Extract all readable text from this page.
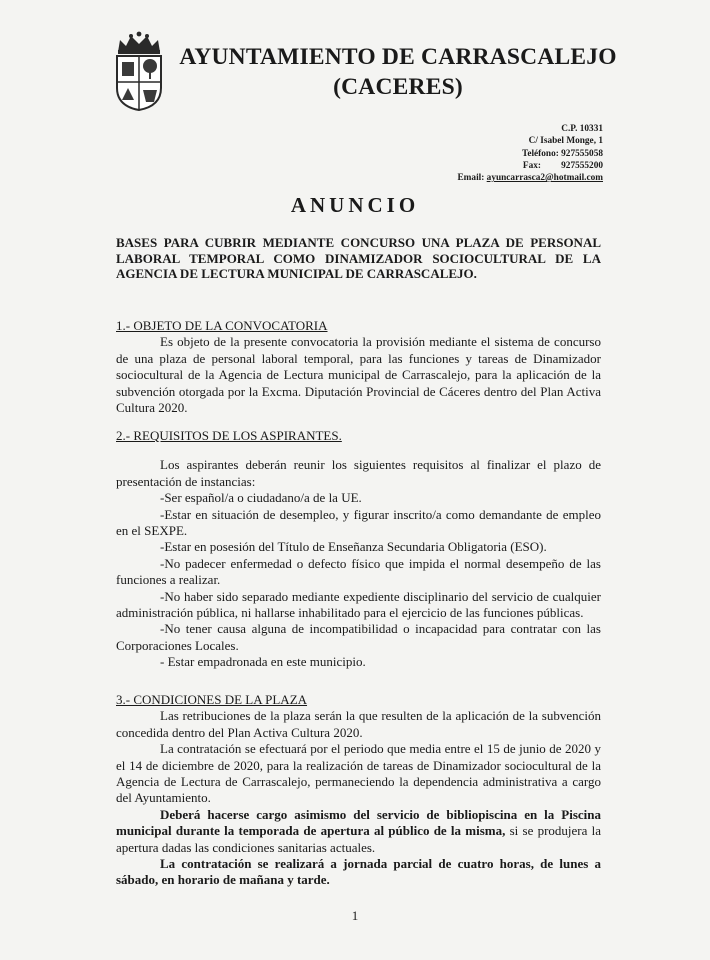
AYUNTAMIENTO DE CARRASCALEJO
(CACERES)
C.P. 10331
C/ Isabel Monge, 1
Teléfono: 927555058
Fax: 927555200
Email: ayuncarrasca2@hotmail.com
ANUNCIO
BASES PARA CUBRIR MEDIANTE CONCURSO UNA PLAZA DE PERSONAL LABORAL TEMPORAL COMO DINAMIZADOR SOCIOCULTURAL DE LA AGENCIA DE LECTURA MUNICIPAL DE CARRASCALEJO.
1.- OBJETO DE LA CONVOCATORIA
Es objeto de la presente convocatoria la provisión mediante el sistema de concurso de una plaza de personal laboral temporal, para las funciones y tareas de Dinamizador sociocultural de la Agencia de Lectura municipal de Carrascalejo, para la aplicación de la subvención otorgada por la Excma. Diputación Provincial de Cáceres dentro del Plan Activa Cultura 2020.
2.- REQUISITOS DE LOS ASPIRANTES.
Los aspirantes deberán reunir los siguientes requisitos al finalizar el plazo de presentación de instancias:
-Ser español/a o ciudadano/a de la UE.
-Estar en situación de desempleo, y figurar inscrito/a como demandante de empleo en el SEXPE.
-Estar en posesión del Título de Enseñanza Secundaria Obligatoria (ESO).
-No padecer enfermedad o defecto físico que impida el normal desempeño de las funciones a realizar.
-No haber sido separado mediante expediente disciplinario del servicio de cualquier administración pública, ni hallarse inhabilitado para el ejercicio de las funciones públicas.
-No tener causa alguna de incompatibilidad o incapacidad para contratar con las Corporaciones Locales.
- Estar empadronada en este municipio.
3.- CONDICIONES DE LA PLAZA
Las retribuciones de la plaza serán la que resulten de la aplicación de la subvención concedida dentro del Plan Activa Cultura 2020.
La contratación se efectuará por el periodo que media entre el 15 de junio de 2020 y el 14 de diciembre de 2020, para la realización de tareas de Dinamizador sociocultural de la Agencia de Lectura de Carrascalejo, permaneciendo la dependencia administrativa a cargo del Ayuntamiento.
Deberá hacerse cargo asimismo del servicio de bibliopiscina en la Piscina municipal durante la temporada de apertura al público de la misma, si se produjera la apertura dadas las condiciones sanitarias actuales.
La contratación se realizará a jornada parcial de cuatro horas, de lunes a sábado, en horario de mañana y tarde.
1
